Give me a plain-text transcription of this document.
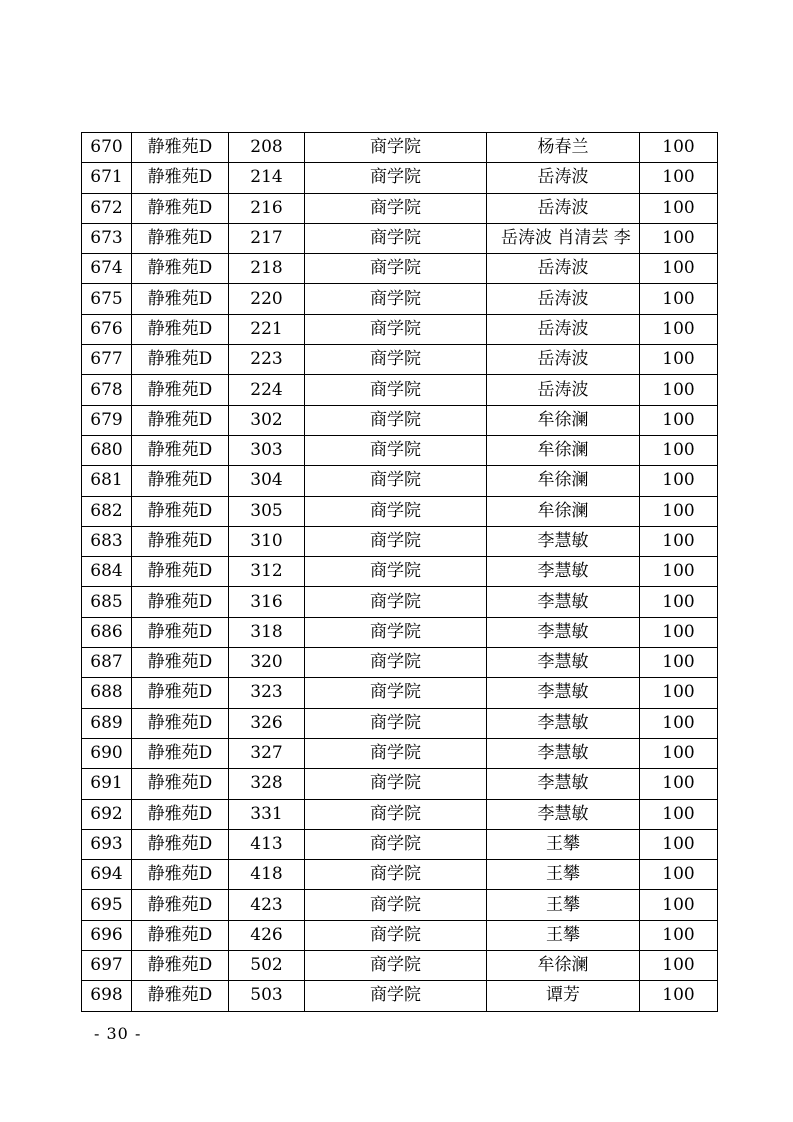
670	静雅苑D	208	商学院	杨春兰	100
671	静雅苑D	214	商学院	岳涛波	100
672	静雅苑D	216	商学院	岳涛波	100
673	静雅苑D	217	商学院	岳涛波 肖清芸 李	100
674	静雅苑D	218	商学院	岳涛波	100
675	静雅苑D	220	商学院	岳涛波	100
676	静雅苑D	221	商学院	岳涛波	100
677	静雅苑D	223	商学院	岳涛波	100
678	静雅苑D	224	商学院	岳涛波	100
679	静雅苑D	302	商学院	牟徐澜	100
680	静雅苑D	303	商学院	牟徐澜	100
681	静雅苑D	304	商学院	牟徐澜	100
682	静雅苑D	305	商学院	牟徐澜	100
683	静雅苑D	310	商学院	李慧敏	100
684	静雅苑D	312	商学院	李慧敏	100
685	静雅苑D	316	商学院	李慧敏	100
686	静雅苑D	318	商学院	李慧敏	100
687	静雅苑D	320	商学院	李慧敏	100
688	静雅苑D	323	商学院	李慧敏	100
689	静雅苑D	326	商学院	李慧敏	100
690	静雅苑D	327	商学院	李慧敏	100
691	静雅苑D	328	商学院	李慧敏	100
692	静雅苑D	331	商学院	李慧敏	100
693	静雅苑D	413	商学院	王攀	100
694	静雅苑D	418	商学院	王攀	100
695	静雅苑D	423	商学院	王攀	100
696	静雅苑D	426	商学院	王攀	100
697	静雅苑D	502	商学院	牟徐澜	100
698	静雅苑D	503	商学院	谭芳	100
- 30 -
